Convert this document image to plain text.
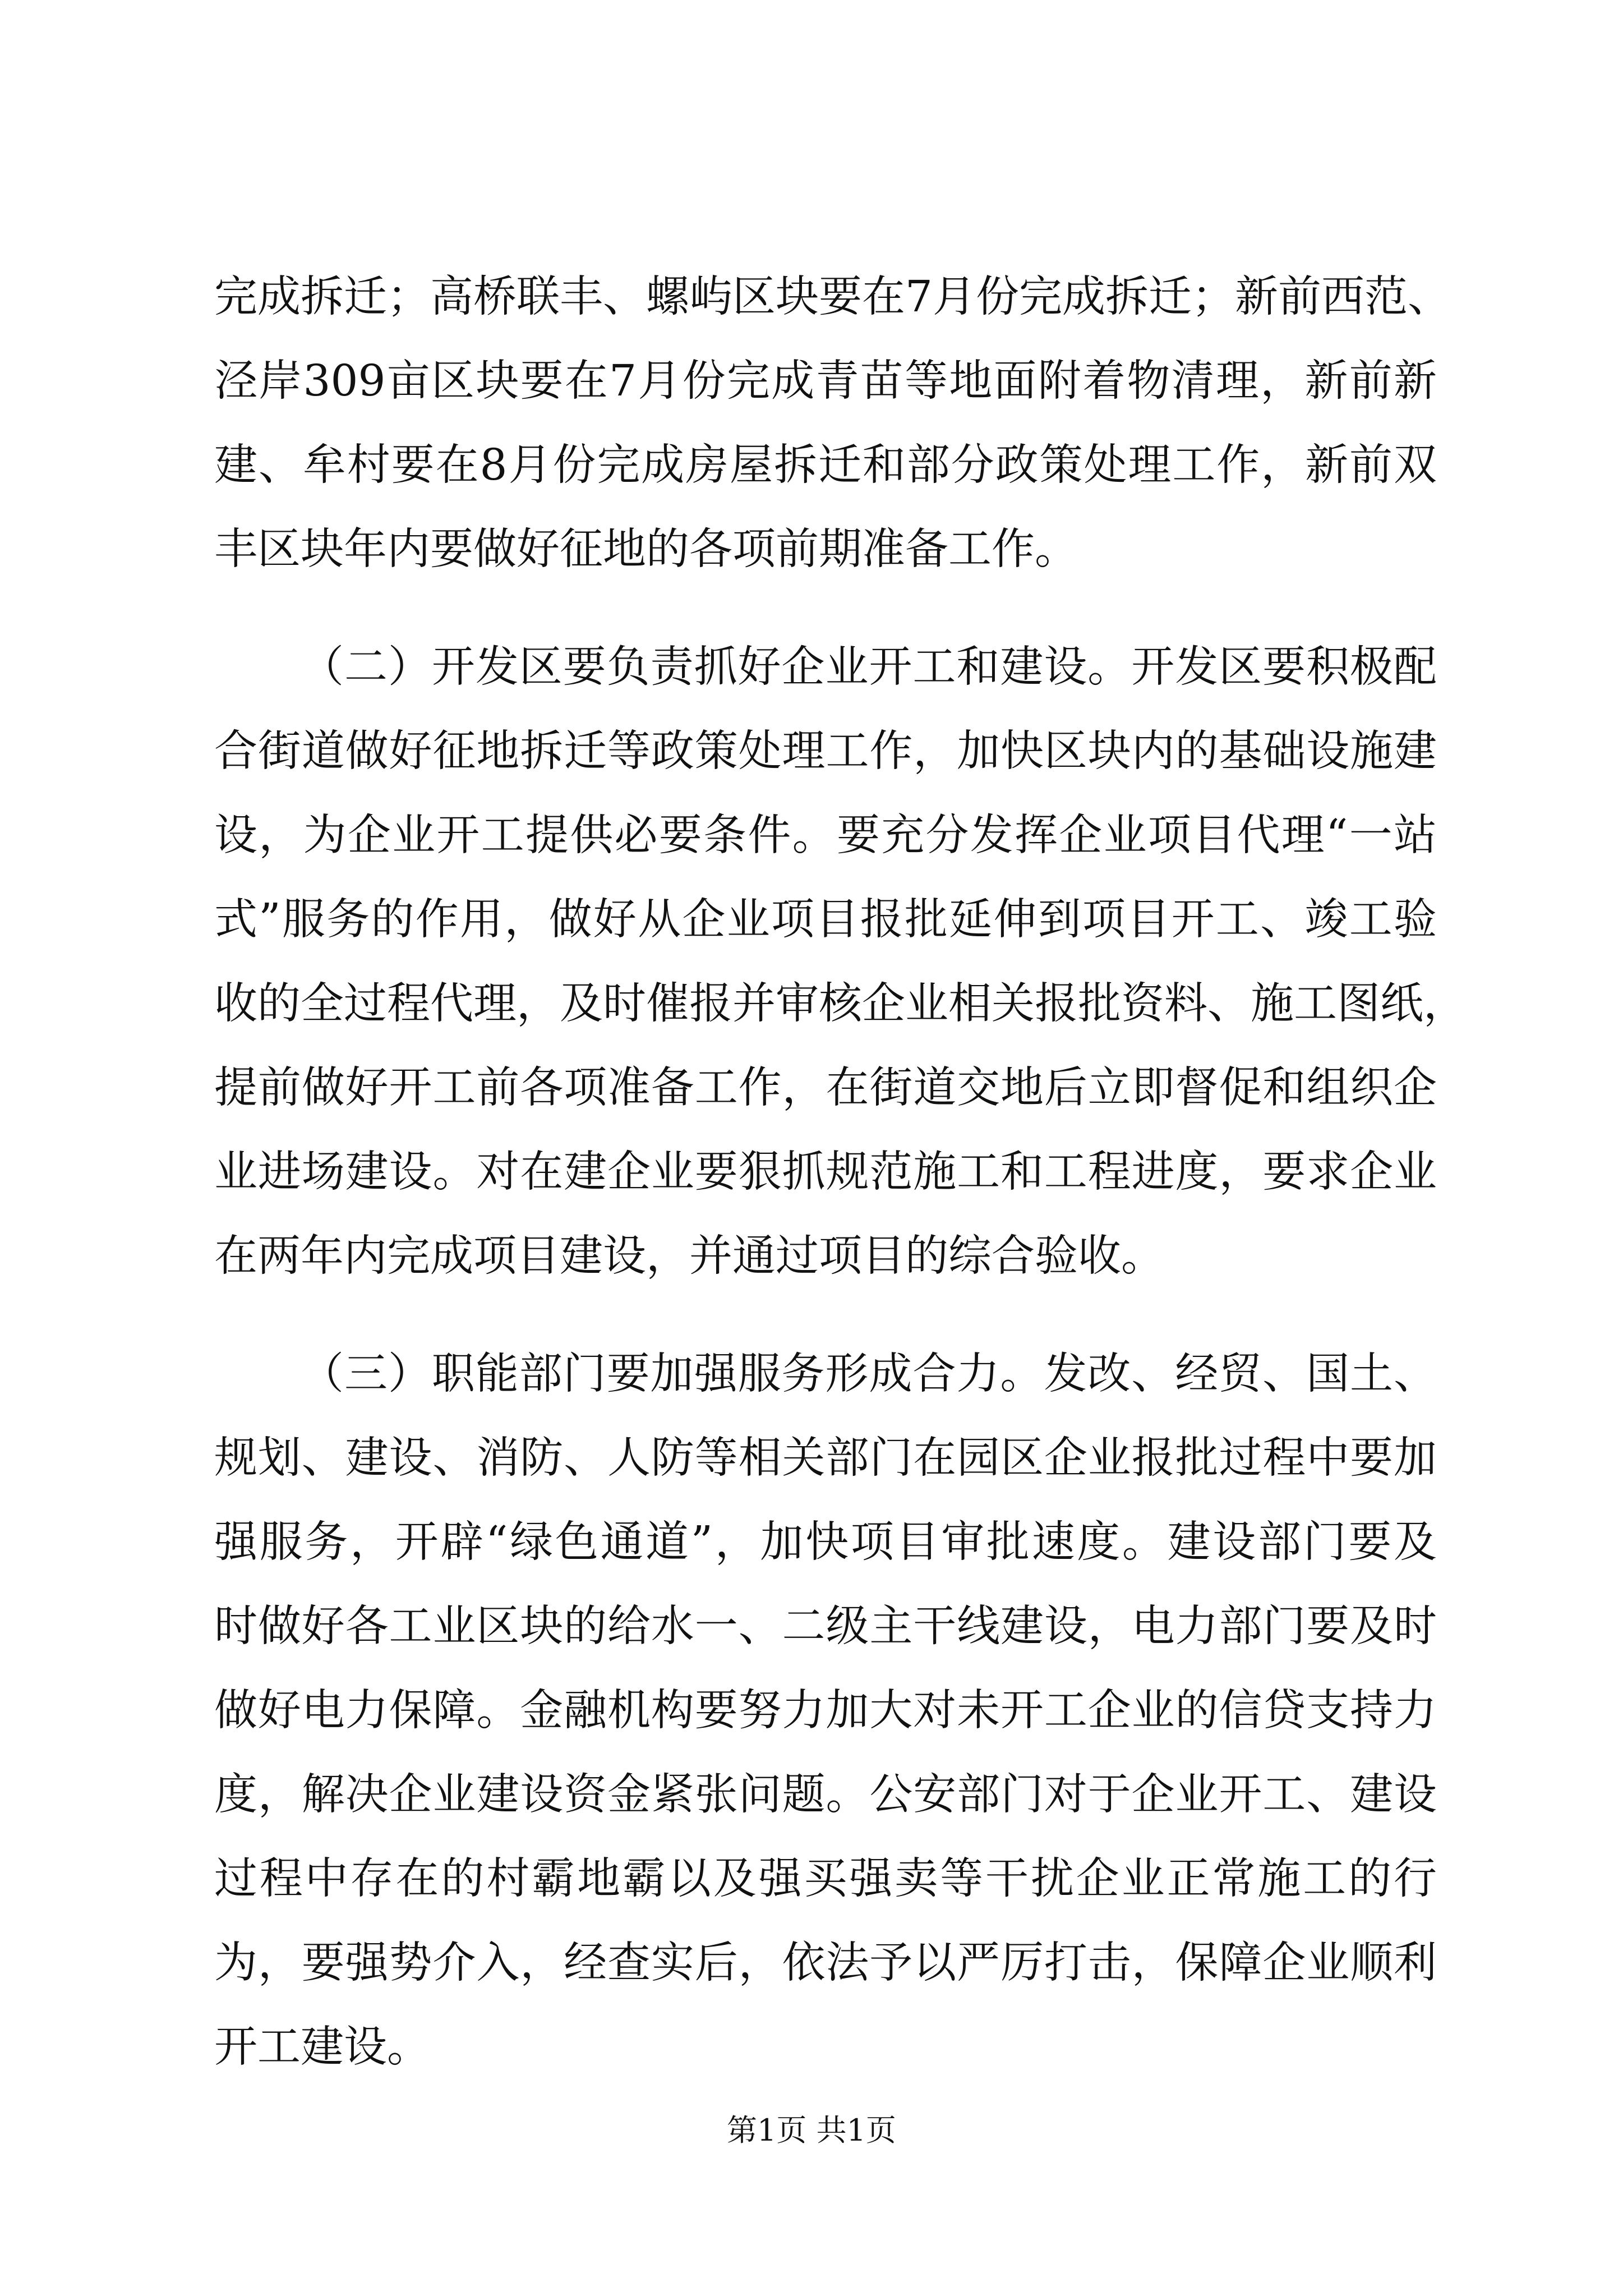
完成拆迁；高桥联丰、螺屿区块要在7月份完成拆迁；新前西范、
泾岸309亩区块要在7月份完成青苗等地面附着物清理，新前新
建、牟村要在8月份完成房屋拆迁和部分政策处理工作，新前双
丰区块年内要做好征地的各项前期准备工作。
（二）开发区要负责抓好企业开工和建设。开发区要积极配
合街道做好征地拆迁等政策处理工作，加快区块内的基础设施建
设，为企业开工提供必要条件。要充分发挥企业项目代理“一站
式”服务的作用，做好从企业项目报批延伸到项目开工、竣工验
收的全过程代理，及时催报并审核企业相关报批资料、施工图纸，
提前做好开工前各项准备工作，在街道交地后立即督促和组织企
业进场建设。对在建企业要狠抓规范施工和工程进度，要求企业
在两年内完成项目建设，并通过项目的综合验收。
（三）职能部门要加强服务形成合力。发改、经贸、国土、
规划、建设、消防、人防等相关部门在园区企业报批过程中要加
强服务，开辟“绿色通道”，加快项目审批速度。建设部门要及
时做好各工业区块的给水一、二级主干线建设，电力部门要及时
做好电力保障。金融机构要努力加大对未开工企业的信贷支持力
度，解决企业建设资金紧张问题。公安部门对于企业开工、建设
过程中存在的村霸地霸以及强买强卖等干扰企业正常施工的行
为，要强势介入，经查实后，依法予以严厉打击，保障企业顺利
开工建设。
第1页 共1页
